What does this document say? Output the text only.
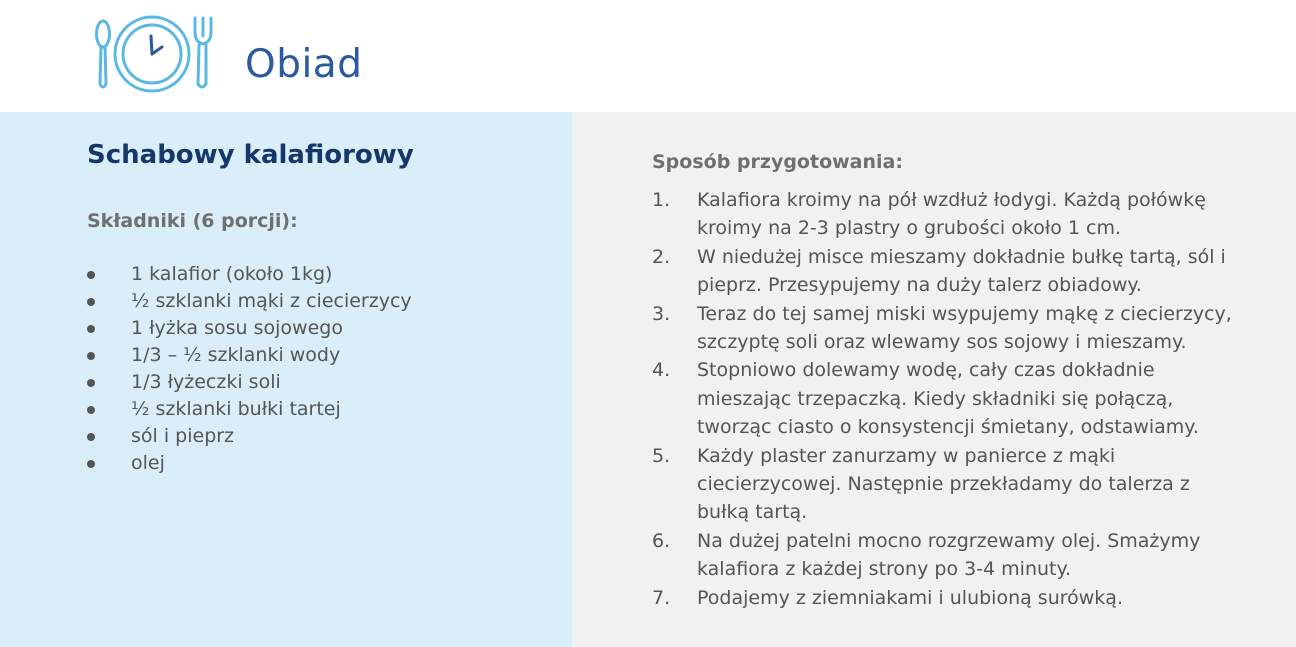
Obiad
Schabowy kalafiorowy
Składniki (6 porcji):
1 kalafior (około 1kg)
½ szklanki mąki z ciecierzycy
1 łyżka sosu sojowego
1/3 – ½ szklanki wody
1/3 łyżeczki soli
½ szklanki bułki tartej
sól i pieprz
olej
Sposób przygotowania:
1. Kalafiora kroimy na pół wzdłuż łodygi. Każdą połówkę
kroimy na 2-3 plastry o grubości około 1 cm.
2. W niedużej misce mieszamy dokładnie bułkę tartą, sól i
pieprz. Przesypujemy na duży talerz obiadowy.
3. Teraz do tej samej miski wsypujemy mąkę z ciecierzycy,
szczyptę soli oraz wlewamy sos sojowy i mieszamy.
4. Stopniowo dolewamy wodę, cały czas dokładnie
mieszając trzepaczką. Kiedy składniki się połączą,
tworząc ciasto o konsystencji śmietany, odstawiamy.
5. Każdy plaster zanurzamy w panierce z mąki
ciecierzycowej. Następnie przekładamy do talerza z
bułką tartą.
6. Na dużej patelni mocno rozgrzewamy olej. Smażymy
kalafiora z każdej strony po 3-4 minuty.
7. Podajemy z ziemniakami i ulubioną surówką.
